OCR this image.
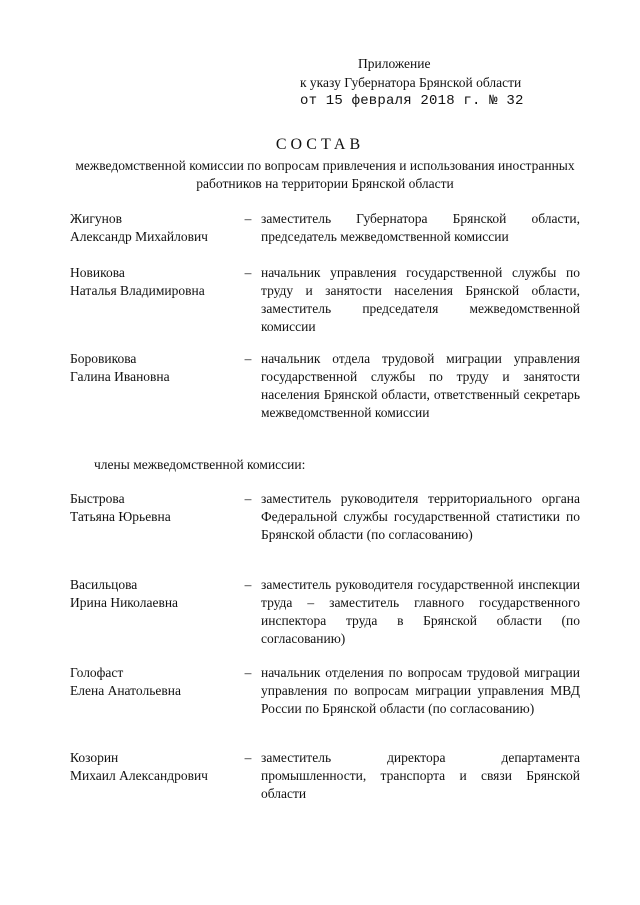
Приложение
к указу Губернатора Брянской области
от 15 февраля 2018 г. № 32
СОСТАВ
межведомственной комиссии по вопросам привлечения и использования иностранных работников на территории Брянской области
Жигунов
Александр Михайлович
– заместитель Губернатора Брянской области, председатель межведомственной комиссии
Новикова
Наталья Владимировна
– начальник управления государственной службы по труду и занятости населения Брянской области, заместитель председателя межведомственной комиссии
Боровикова
Галина Ивановна
– начальник отдела трудовой миграции управления государственной службы по труду и занятости населения Брянской области, ответственный секретарь межведомственной комиссии
члены межведомственной комиссии:
Быстрова
Татьяна Юрьевна
– заместитель руководителя территориального органа Федеральной службы государственной статистики по Брянской области (по согласованию)
Васильцова
Ирина Николаевна
– заместитель руководителя государственной инспекции труда – заместитель главного государственного инспектора труда в Брянской области (по согласованию)
Голофаст
Елена Анатольевна
– начальник отделения по вопросам трудовой миграции управления по вопросам миграции управления МВД России по Брянской области (по согласованию)
Козорин
Михаил Александрович
– заместитель директора департамента промышленности, транспорта и связи Брянской области
